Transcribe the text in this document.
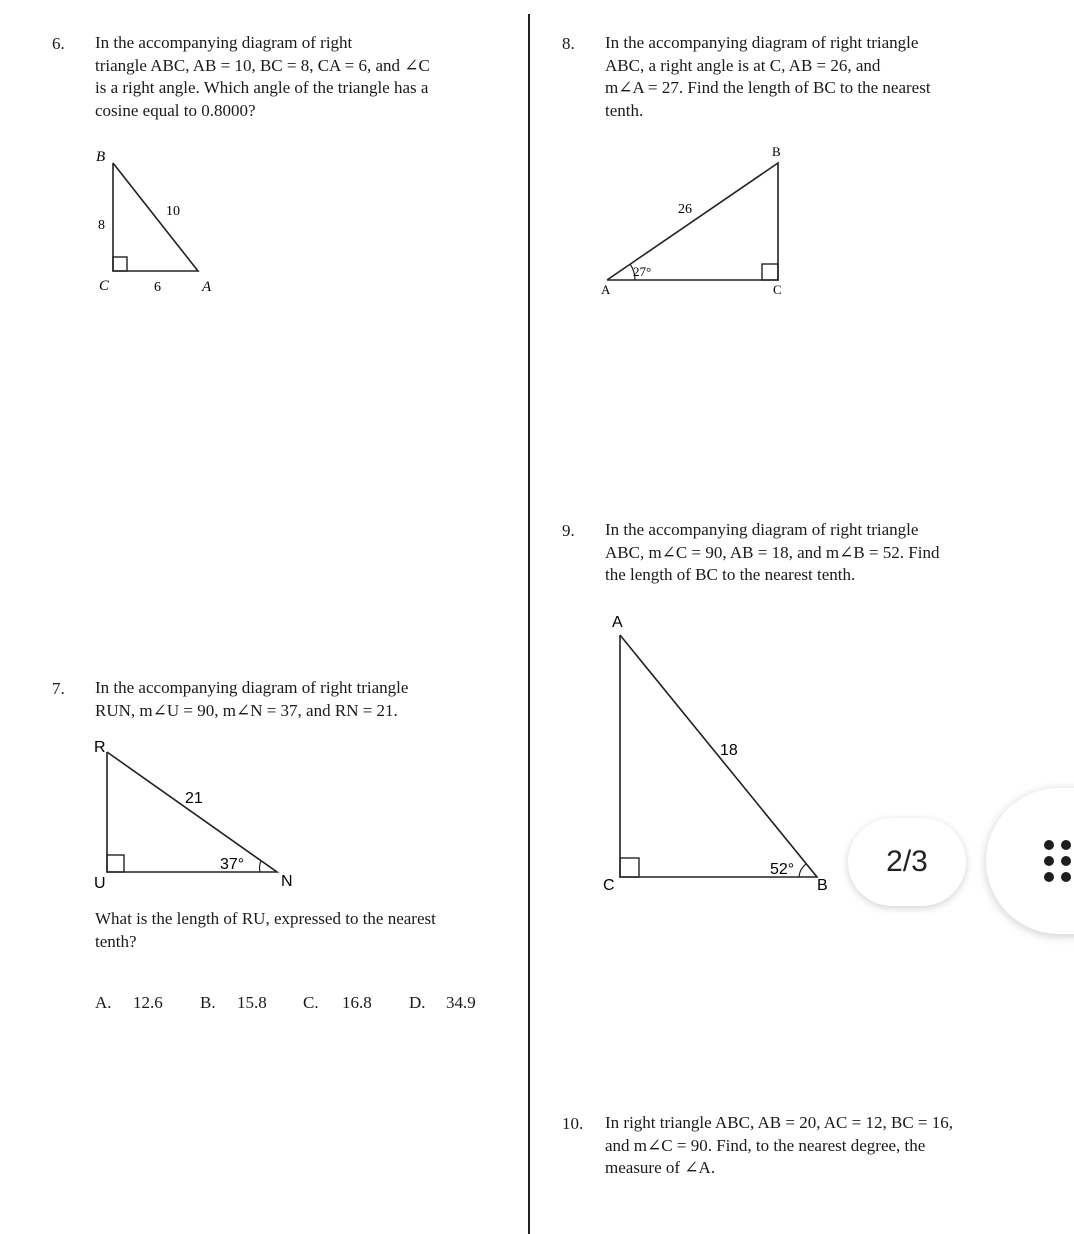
6. In the accompanying diagram of right
triangle ABC, AB = 10, BC = 8, CA = 6, and ∠C
is a right angle. Which angle of the triangle has a
cosine equal to 0.8000?
B
C	A
8
10
6
7. In the accompanying diagram of right triangle
RUN, m∠U = 90, m∠N = 37, and RN = 21.
R
U	N
21
37°
What is the length of RU, expressed to the nearest
tenth?
A. 12.6 B. 15.8 C. 16.8 D. 34.9
8. In the accompanying diagram of right triangle
ABC, a right angle is at C, AB = 26, and
m∠A = 27. Find the length of BC to the nearest
tenth.
B
A	C
26
27°
9. In the accompanying diagram of right triangle
ABC, m∠C = 90, AB = 18, and m∠B = 52. Find
the length of BC to the nearest tenth.
A
C	B
18
52°
10. In right triangle ABC, AB = 20, AC = 12, BC = 16,
and m∠C = 90. Find, to the nearest degree, the
measure of ∠A.
2/3
